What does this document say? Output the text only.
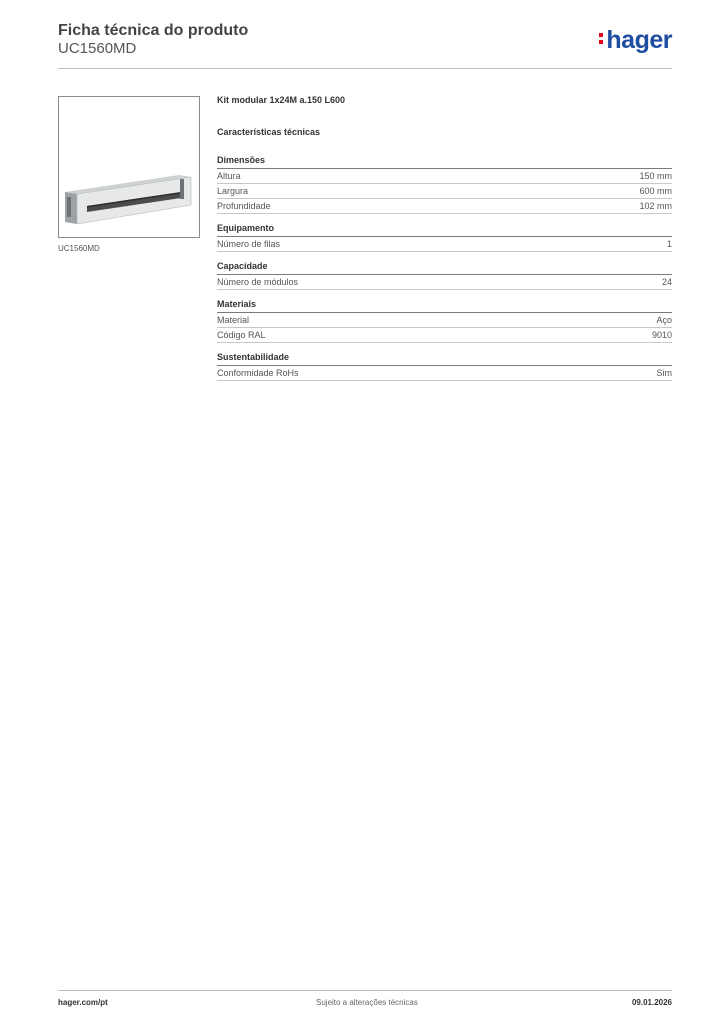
Ficha técnica do produto
UC1560MD	hager
UC1560MD
Kit modular 1x24M a.150 L600
Características técnicas
Dimensões
Altura	150 mm
Largura	600 mm
Profundidade	102 mm
Equipamento
Número de filas	1
Capacidade
Número de módulos	24
Materiais
Material	Aço
Código RAL	9010
Sustentabilidade
Conformidade RoHs	Sim
hager.com/pt	Sujeito a alterações técnicas	09.01.2026
